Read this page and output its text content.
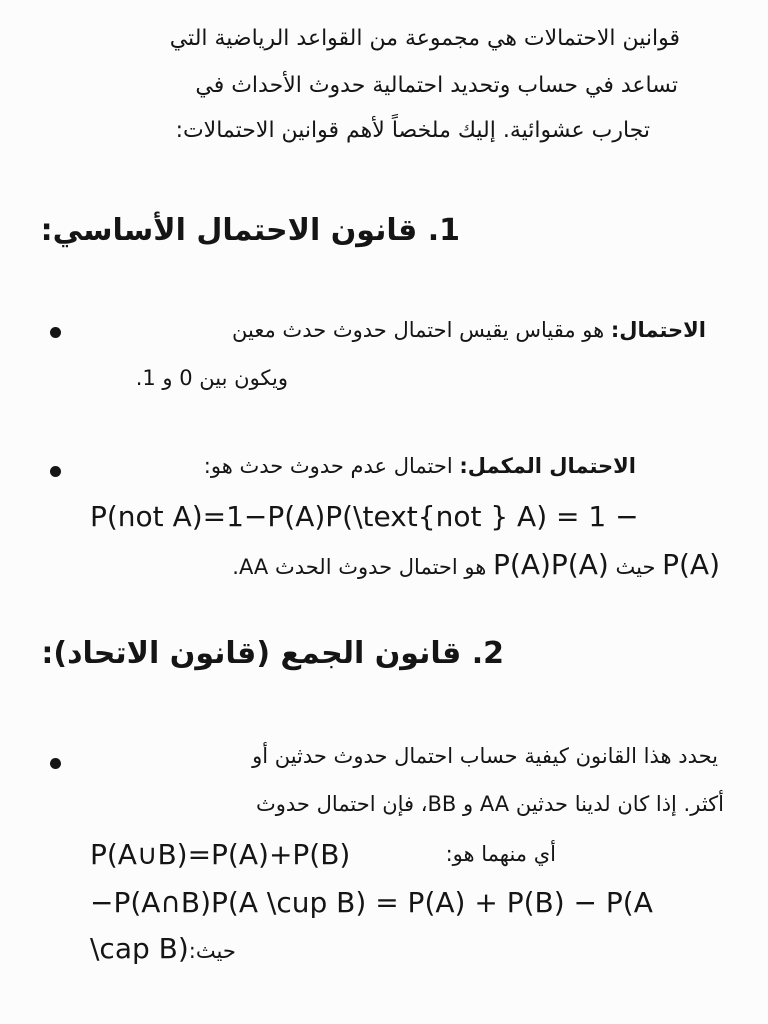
قوانين الاحتمالات هي مجموعة من القواعد الرياضية التي

تساعد في حساب وتحديد احتمالية حدوث الأحداث في

تجارب عشوائية. إليك ملخصاً لأهم قوانين الاحتمالات:

1. قانون الاحتمال الأساسي:

الاحتمال: هو مقياس يقيس احتمال حدوث حدث معين

ويكون بين 0 و 1.

الاحتمال المكمل: احتمال عدم حدوث حدث هو:

P(not A)=1−P(A)P(\text{not } A) = 1 −

P(A) حيث P(A)P(A) هو احتمال حدوث الحدث AA.

2. قانون الجمع (قانون الاتحاد):

يحدد هذا القانون كيفية حساب احتمال حدوث حدثين أو

أكثر. إذا كان لدينا حدثين AA و BB، فإن احتمال حدوث

P(A∪B)=P(A)+P(B)	أي منهما هو:

−P(A∩B)P(A \cup B) = P(A) + P(B) − P(A

حيث:\cap B)
